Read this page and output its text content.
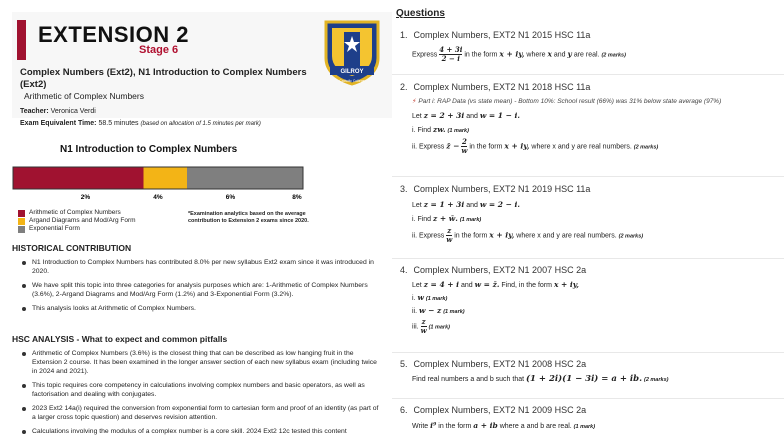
EXTENSION 2
Stage 6
GILROY
Catholic College
Complex Numbers (Ext2), N1 Introduction to Complex Numbers (Ext2)
Arithmetic of Complex Numbers
Teacher: Veronica Verdi
Exam Equivalent Time: 58.5 minutes (based on allocation of 1.5 minutes per mark)
N1 Introduction to Complex Numbers
2%	4%	6%	8%
Arithmetic of Complex Numbers
Argand Diagrams and Mod/Arg Form
Exponential Form
*Examination analytics based on the average contribution to Extension 2 exams since 2020.
HISTORICAL CONTRIBUTION
N1 Introduction to Complex Numbers has contributed 8.0% per new syllabus Ext2 exam since it was introduced in 2020.
We have split this topic into three categories for analysis purposes which are: 1-Arithmetic of Complex Numbers (3.6%), 2-Argand Diagrams and Mod/Arg Form (1.2%) and 3-Exponential Form (3.2%).
This analysis looks at Arithmetic of Complex Numbers.
HSC ANALYSIS - What to expect and common pitfalls
Arithmetic of Complex Numbers (3.6%) is the closest thing that can be described as low hanging fruit in the Extension 2 course. It has been examined in the longer answer section of each new syllabus exam (including twice in 2024 and 2021).
This topic requires core competency in calculations involving complex numbers and basic operators, as well as factorisation and dealing with conjugates.
2023 Ext2 14a(i) required the conversion from exponential form to cartesian form and proof of an identity (as part of a larger cross topic question) and deserves revision attention.
Calculations involving the modulus of a complex number is a core skill. 2024 Ext2 12c tested this content
Questions
1. Complex Numbers, EXT2 N1 2015 HSC 11a
Express $\frac{4 + 3i}{2 - i}$ in the form x + iy, where x and y are real. (2 marks)
2. Complex Numbers, EXT2 N1 2018 HSC 11a
⚡ Part i: RAP Data (vs state mean) - Bottom 10%: School result (66%) was 31% below state average (97%)
Let z = 2 + 3i and w = 1 − i.
i. Find zw. (1 mark)
ii. Express z̄ − $\frac{2}{w}$ in the form x + iy, where x and y are real numbers. (2 marks)
3. Complex Numbers, EXT2 N1 2019 HSC 11a
Let z = 1 + 3i and w = 2 − i.
i. Find z + w̄. (1 mark)
ii. Express $\frac{z}{w}$ in the form x + iy, where x and y are real numbers. (2 marks)
4. Complex Numbers, EXT2 N1 2007 HSC 2a
Let z = 4 + i and w = z̄. Find, in the form x + iy,
i. w (1 mark)
ii. w − z (1 mark)
iii. $\frac{z}{w} (1$ mark)
5. Complex Numbers, EXT2 N1 2008 HSC 2a
Find real numbers a and b such that (1 + 2i)(1 − 3i) = a + ib. (2 marks)
6. Complex Numbers, EXT2 N1 2009 HSC 2a
Write i⁹ in the form a + ib where a and b are real. (1 mark)
